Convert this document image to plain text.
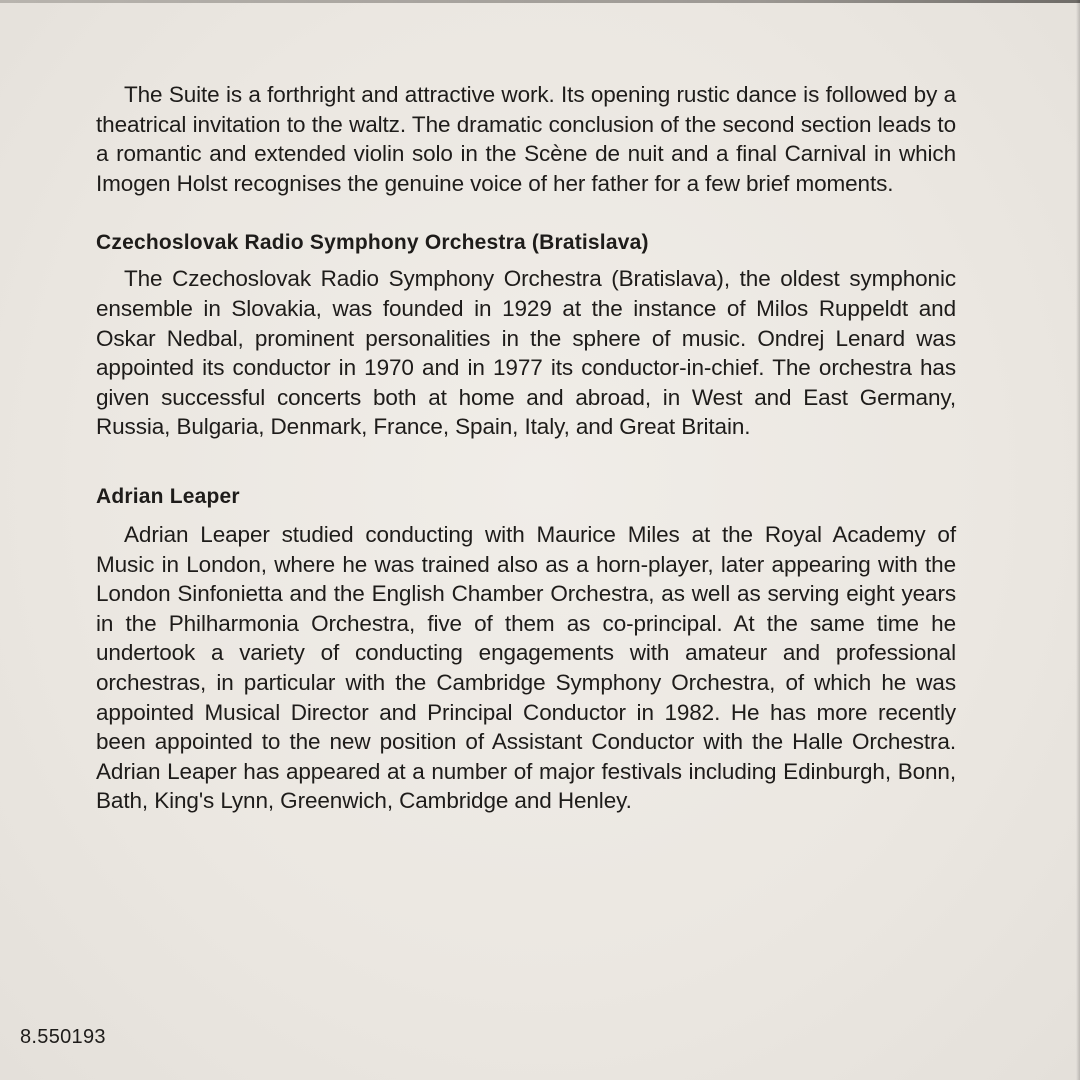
The Suite is a forthright and attractive work. Its opening rustic dance is followed by a theatrical invitation to the waltz. The dramatic conclusion of the second section leads to a romantic and extended violin solo in the Scène de nuit and a final Carnival in which Imogen Holst recognises the genuine voice of her father for a few brief moments.

Czechoslovak Radio Symphony Orchestra (Bratislava)

The Czechoslovak Radio Symphony Orchestra (Bratislava), the oldest symphonic ensemble in Slovakia, was founded in 1929 at the instance of Milos Ruppeldt and Oskar Nedbal, prominent personalities in the sphere of music. Ondrej Lenard was appointed its conductor in 1970 and in 1977 its conductor-in-chief. The orchestra has given successful concerts both at home and abroad, in West and East Germany, Russia, Bulgaria, Denmark, France, Spain, Italy, and Great Britain.

Adrian Leaper

Adrian Leaper studied conducting with Maurice Miles at the Royal Academy of Music in London, where he was trained also as a horn-player, later appearing with the London Sinfonietta and the English Chamber Orchestra, as well as serving eight years in the Philharmonia Orchestra, five of them as co-principal. At the same time he undertook a variety of conducting engagements with amateur and professional orchestras, in particular with the Cambridge Symphony Orchestra, of which he was appointed Musical Director and Principal Conductor in 1982. He has more recently been appointed to the new position of Assistant Conductor with the Halle Orchestra. Adrian Leaper has appeared at a number of major festivals including Edinburgh, Bonn, Bath, King's Lynn, Greenwich, Cambridge and Henley.

8.550193
